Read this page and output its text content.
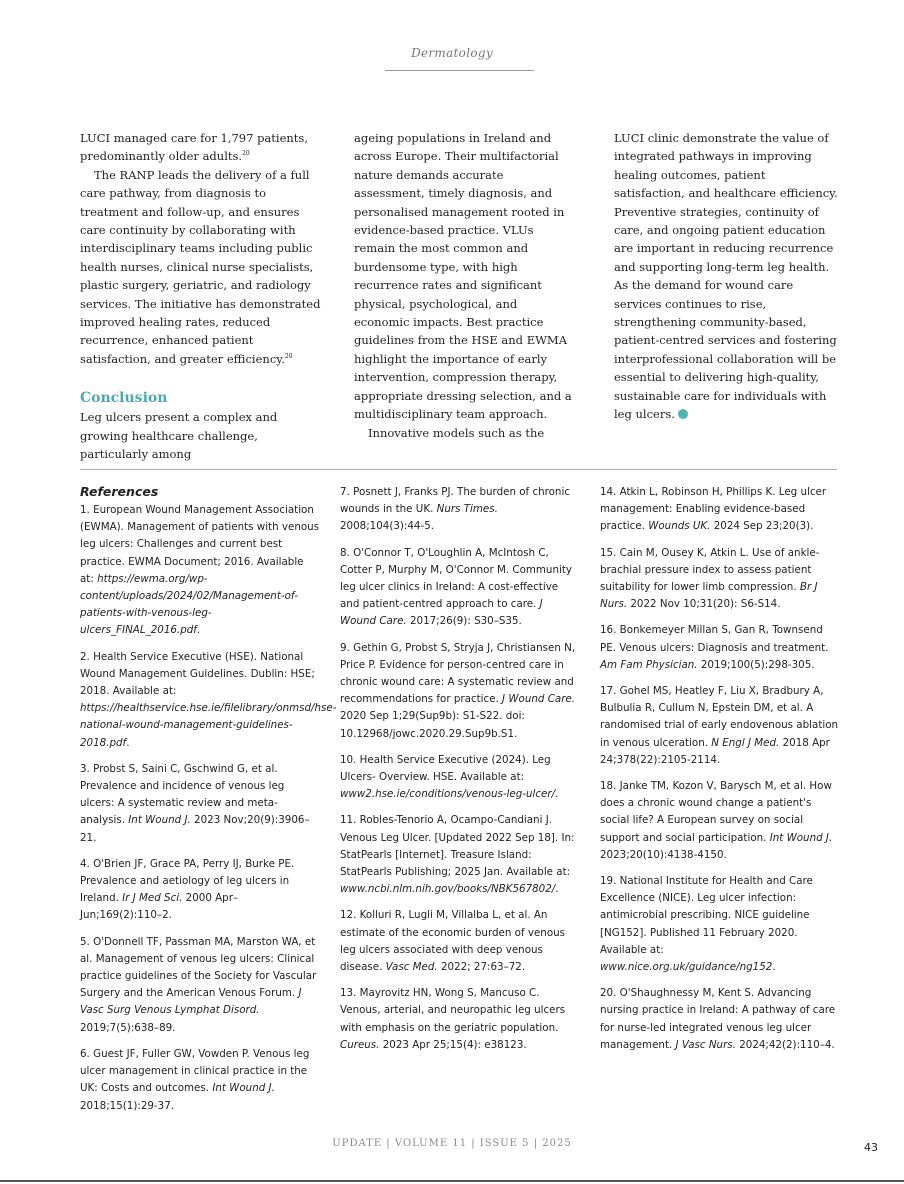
Dermatology

LUCI managed care for 1,797 patients, predominantly older adults.$^{20}$

The RANP leads the delivery of a full care pathway, from diagnosis to treatment and follow-up, and ensures care continuity by collaborating with interdisciplinary teams including public health nurses, clinical nurse specialists, plastic surgery, geriatric, and radiology services. The initiative has demonstrated improved healing rates, reduced recurrence, enhanced patient satisfaction, and greater efficiency.$^{20}$

Conclusion

Leg ulcers present a complex and growing healthcare challenge, particularly among

ageing populations in Ireland and across Europe. Their multifactorial nature demands accurate assessment, timely diagnosis, and personalised management rooted in evidence-based practice. VLUs remain the most common and burdensome type, with high recurrence rates and significant physical, psychological, and economic impacts. Best practice guidelines from the HSE and EWMA highlight the importance of early intervention, compression therapy, appropriate dressing selection, and a multidisciplinary team approach.

Innovative models such as the

LUCI clinic demonstrate the value of integrated pathways in improving healing outcomes, patient satisfaction, and healthcare efficiency. Preventive strategies, continuity of care, and ongoing patient education are important in reducing recurrence and supporting long-term leg health. As the demand for wound care services continues to rise, strengthening community-based, patient-centred services and fostering interprofessional collaboration will be essential to delivering high-quality, sustainable care for individuals with leg ulcers.

References

1. European Wound Management Association (EWMA). Management of patients with venous leg ulcers: Challenges and current best practice. EWMA Document; 2016. Available at: https://ewma.org/wp-content/uploads/2024/02/Management-of-patients-with-venous-leg-ulcers_FINAL_2016.pdf.

2. Health Service Executive (HSE). National Wound Management Guidelines. Dublin: HSE; 2018. Available at: https://healthservice.hse.ie/filelibrary/onmsd/hse-national-wound-management-guidelines-2018.pdf.

3. Probst S, Saini C, Gschwind G, et al. Prevalence and incidence of venous leg ulcers: A systematic review and meta-analysis. Int Wound J. 2023 Nov;20(9):3906–21.

4. O'Brien JF, Grace PA, Perry IJ, Burke PE. Prevalence and aetiology of leg ulcers in Ireland. Ir J Med Sci. 2000 Apr–Jun;169(2):110–2.

5. O'Donnell TF, Passman MA, Marston WA, et al. Management of venous leg ulcers: Clinical practice guidelines of the Society for Vascular Surgery and the American Venous Forum. J Vasc Surg Venous Lymphat Disord. 2019;7(5):638–89.

6. Guest JF, Fuller GW, Vowden P. Venous leg ulcer management in clinical practice in the UK: Costs and outcomes. Int Wound J. 2018;15(1):29-37.

7. Posnett J, Franks PJ. The burden of chronic wounds in the UK. Nurs Times. 2008;104(3):44-5.

8. O'Connor T, O'Loughlin A, McIntosh C, Cotter P, Murphy M, O'Connor M. Community leg ulcer clinics in Ireland: A cost-effective and patient-centred approach to care. J Wound Care. 2017;26(9): S30–S35.

9. Gethin G, Probst S, Stryja J, Christiansen N, Price P. Evidence for person-centred care in chronic wound care: A systematic review and recommendations for practice. J Wound Care. 2020 Sep 1;29(Sup9b): S1-S22. doi: 10.12968/jowc.2020.29.Sup9b.S1.

10. Health Service Executive (2024). Leg Ulcers- Overview. HSE. Available at: www2.hse.ie/conditions/venous-leg-ulcer/.

11. Robles-Tenorio A, Ocampo-Candiani J. Venous Leg Ulcer. [Updated 2022 Sep 18]. In: StatPearls [Internet]. Treasure Island: StatPearls Publishing; 2025 Jan. Available at: www.ncbi.nlm.nih.gov/books/NBK567802/.

12. Kolluri R, Lugli M, Villalba L, et al. An estimate of the economic burden of venous leg ulcers associated with deep venous disease. Vasc Med. 2022; 27:63–72.

13. Mayrovitz HN, Wong S, Mancuso C. Venous, arterial, and neuropathic leg ulcers with emphasis on the geriatric population. Cureus. 2023 Apr 25;15(4): e38123.

14. Atkin L, Robinson H, Phillips K. Leg ulcer management: Enabling evidence-based practice. Wounds UK. 2024 Sep 23;20(3).

15. Cain M, Ousey K, Atkin L. Use of ankle-brachial pressure index to assess patient suitability for lower limb compression. Br J Nurs. 2022 Nov 10;31(20): S6-S14.

16. Bonkemeyer Millan S, Gan R, Townsend PE. Venous ulcers: Diagnosis and treatment. Am Fam Physician. 2019;100(5):298-305.

17. Gohel MS, Heatley F, Liu X, Bradbury A, Bulbulia R, Cullum N, Epstein DM, et al. A randomised trial of early endovenous ablation in venous ulceration. N Engl J Med. 2018 Apr 24;378(22):2105-2114.

18. Janke TM, Kozon V, Barysch M, et al. How does a chronic wound change a patient's social life? A European survey on social support and social participation. Int Wound J. 2023;20(10):4138-4150.

19. National Institute for Health and Care Excellence (NICE). Leg ulcer infection: antimicrobial prescribing. NICE guideline [NG152]. Published 11 February 2020. Available at: www.nice.org.uk/guidance/ng152.

20. O'Shaughnessy M, Kent S. Advancing nursing practice in Ireland: A pathway of care for nurse-led integrated venous leg ulcer management. J Vasc Nurs. 2024;42(2):110–4.

UPDATE | VOLUME 11 | ISSUE 5 | 2025	43
